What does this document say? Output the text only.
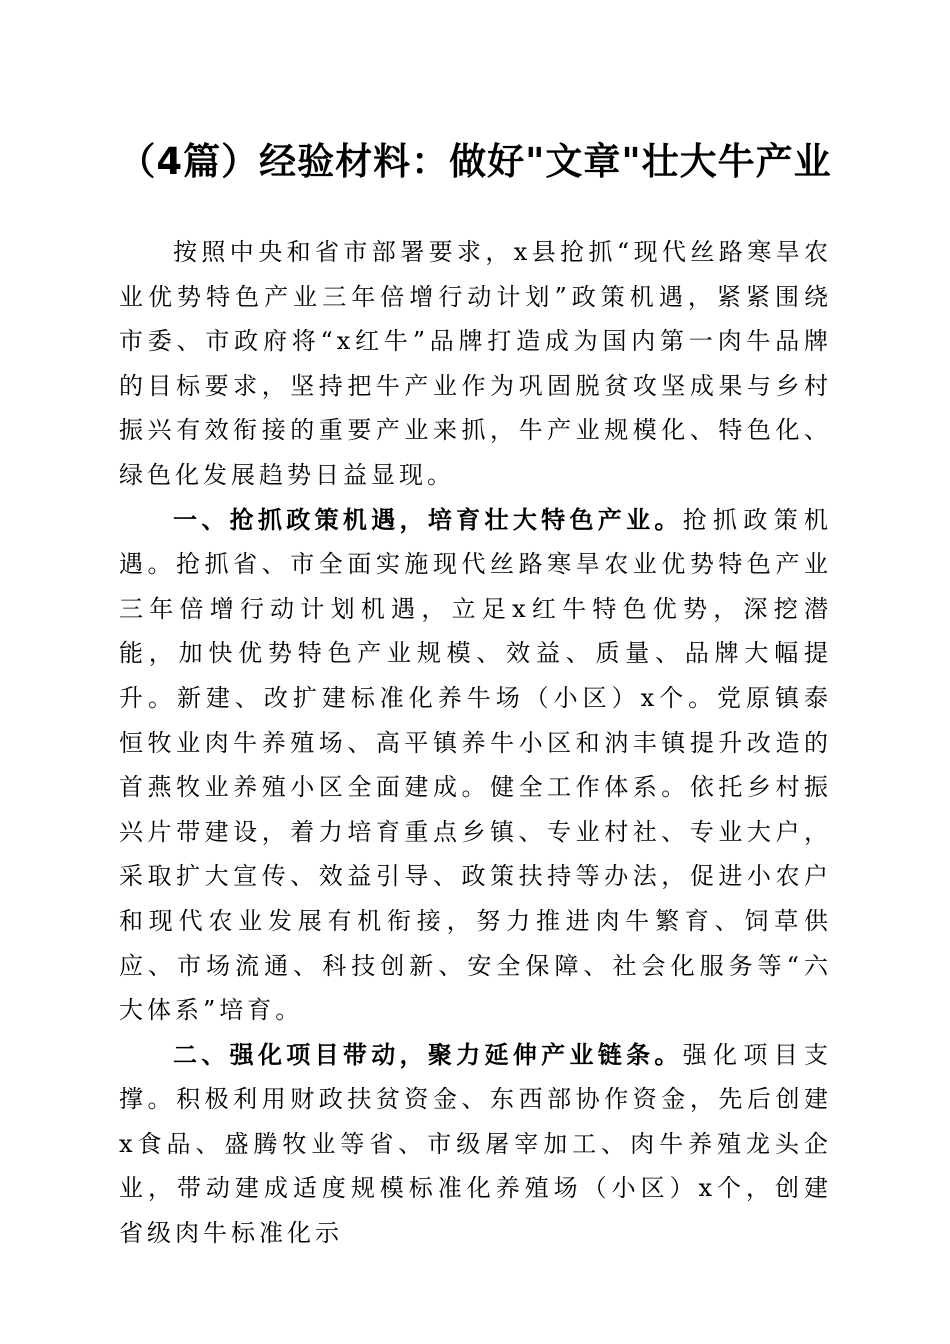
（4篇）经验材料：做好"文章"壮大牛产业

按照中央和省市部署要求，x县抢抓“现代丝路寒旱农业优势特色产业三年倍增行动计划”政策机遇，紧紧围绕市委、市政府将“x红牛”品牌打造成为国内第一肉牛品牌的目标要求，坚持把牛产业作为巩固脱贫攻坚成果与乡村振兴有效衔接的重要产业来抓，牛产业规模化、特色化、绿色化发展趋势日益显现。

一、抢抓政策机遇，培育壮大特色产业。抢抓政策机遇。抢抓省、市全面实施现代丝路寒旱农业优势特色产业三年倍增行动计划机遇，立足x红牛特色优势，深挖潜能，加快优势特色产业规模、效益、质量、品牌大幅提升。新建、改扩建标准化养牛场（小区）x个。党原镇泰恒牧业肉牛养殖场、高平镇养牛小区和汭丰镇提升改造的首燕牧业养殖小区全面建成。健全工作体系。依托乡村振兴片带建设，着力培育重点乡镇、专业村社、专业大户，采取扩大宣传、效益引导、政策扶持等办法，促进小农户和现代农业发展有机衔接，努力推进肉牛繁育、饲草供应、市场流通、科技创新、安全保障、社会化服务等“六大体系”培育。

二、强化项目带动，聚力延伸产业链条。强化项目支撑。积极利用财政扶贫资金、东西部协作资金，先后创建x食品、盛腾牧业等省、市级屠宰加工、肉牛养殖龙头企业，带动建成适度规模标准化养殖场（小区）x个，创建省级肉牛标准化示
